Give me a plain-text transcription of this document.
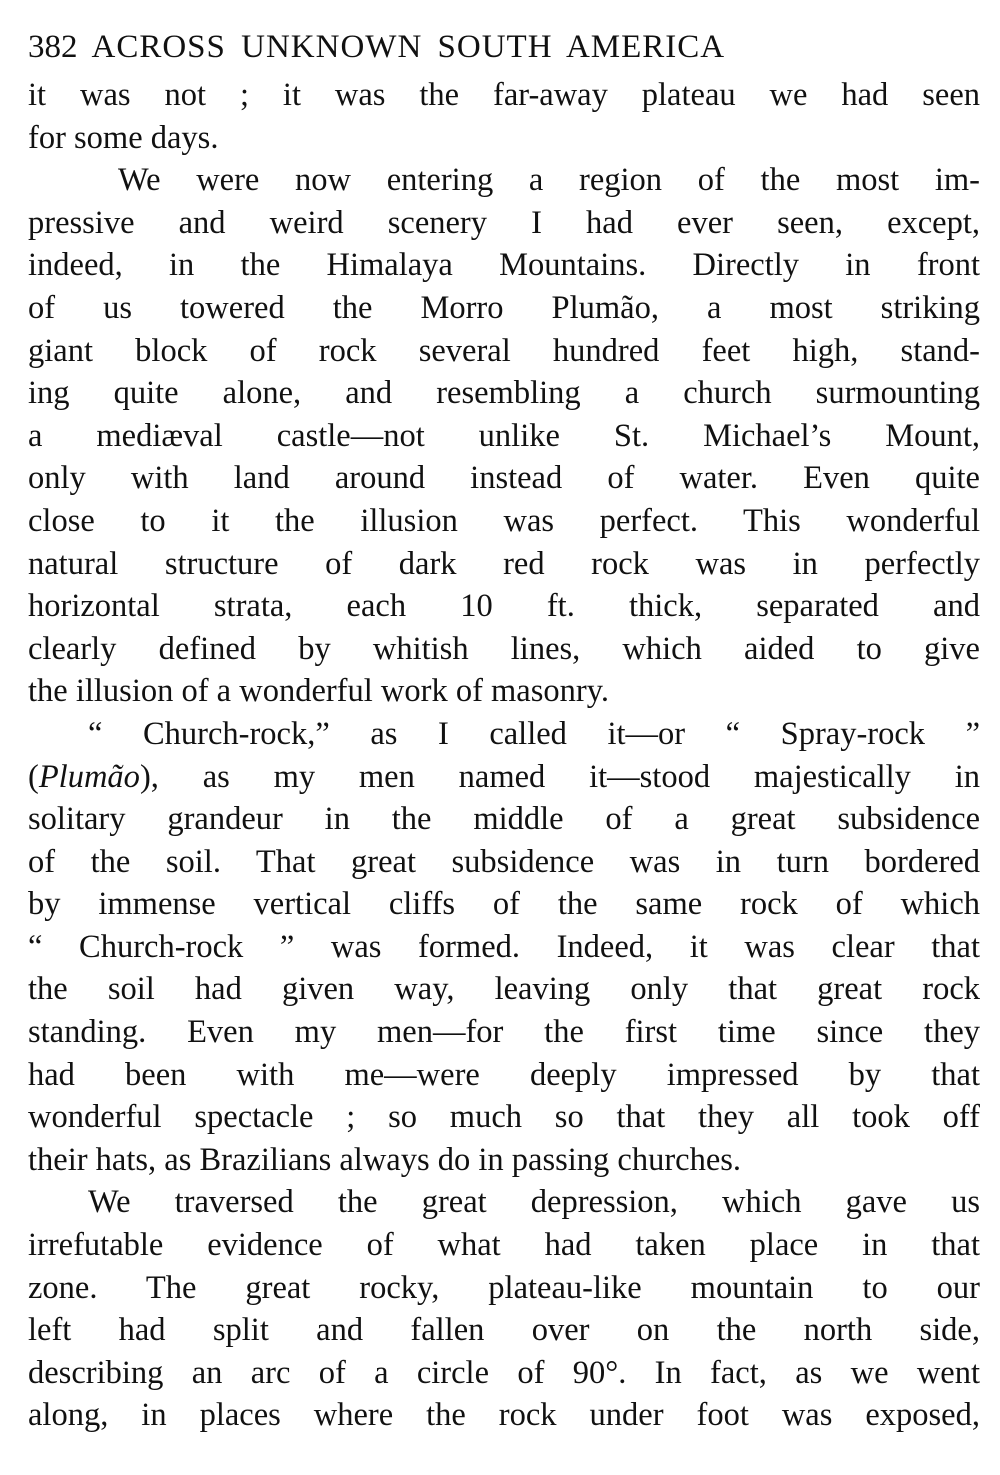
382 ACROSS UNKNOWN SOUTH AMERICA
it was not ; it was the far-away plateau we had seen
for some days.
We were now entering a region of the most im-
pressive and weird scenery I had ever seen, except,
indeed, in the Himalaya Mountains. Directly in front
of us towered the Morro Plumão, a most striking
giant block of rock several hundred feet high, stand-
ing quite alone, and resembling a church surmounting
a mediæval castle—not unlike St. Michael’s Mount,
only with land around instead of water. Even quite
close to it the illusion was perfect. This wonderful
natural structure of dark red rock was in perfectly
horizontal strata, each 10 ft. thick, separated and
clearly defined by whitish lines, which aided to give
the illusion of a wonderful work of masonry.
“ Church-rock,” as I called it—or “ Spray-rock ”
(Plumão), as my men named it—stood majestically in
solitary grandeur in the middle of a great subsidence
of the soil. That great subsidence was in turn bordered
by immense vertical cliffs of the same rock of which
“ Church-rock ” was formed. Indeed, it was clear that
the soil had given way, leaving only that great rock
standing. Even my men—for the first time since they
had been with me—were deeply impressed by that
wonderful spectacle ; so much so that they all took off
their hats, as Brazilians always do in passing churches.
We traversed the great depression, which gave us
irrefutable evidence of what had taken place in that
zone. The great rocky, plateau-like mountain to our
left had split and fallen over on the north side,
describing an arc of a circle of 90°. In fact, as we went
along, in places where the rock under foot was exposed,
